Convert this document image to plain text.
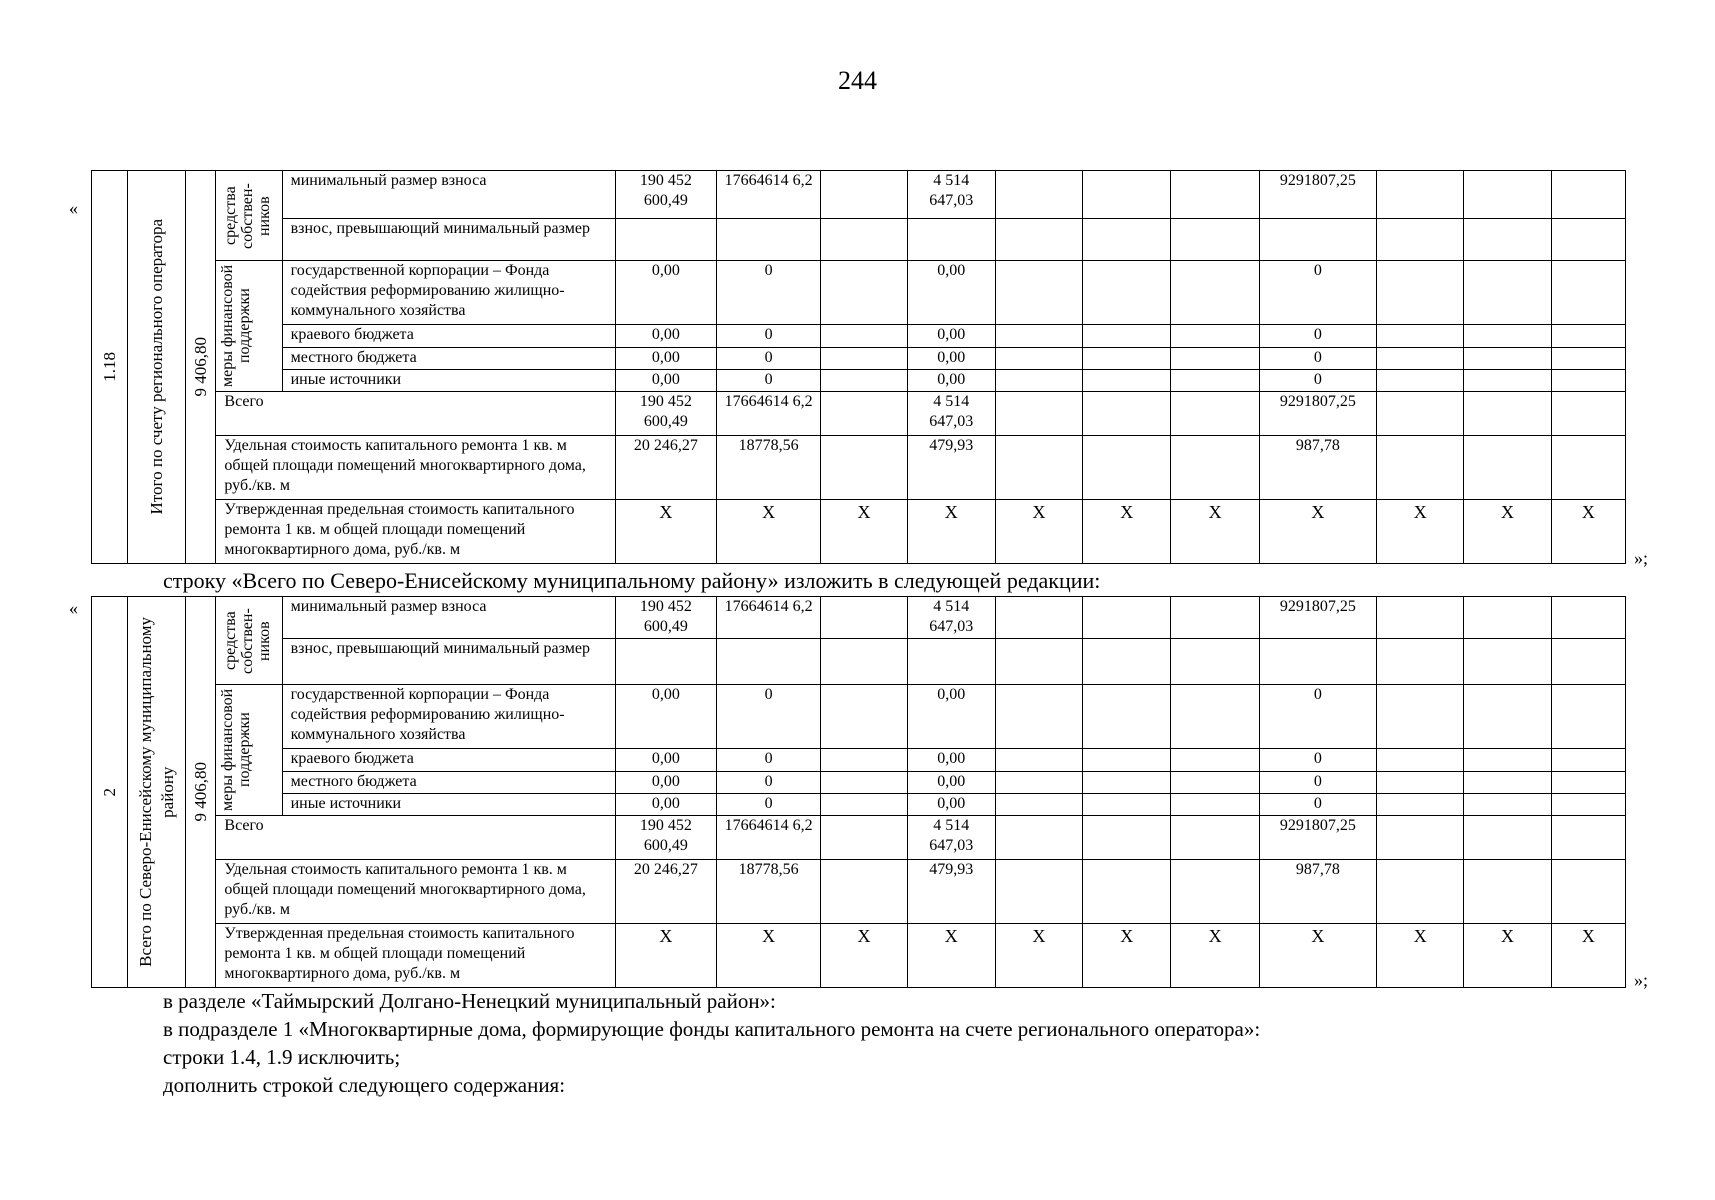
244
«
1.18	Итого по счету регионального оператора	9 406,80	средства собствен-ников	минимальный размер взноса	190 452 600,49	17664614 6,2		4 514 647,03				9291807,25			
				взнос, превышающий минимальный размер											

			меры финансовой поддержки	государственной корпорации – Фонда содействия реформированию жилищно-коммунального хозяйства	0,00	0		0,00				0			
				краевого бюджета	0,00	0		0,00				0			
				местного бюджета	0,00	0		0,00				0			
				иные источники	0,00	0		0,00				0			
			Всего		190 452 600,49	17664614 6,2		4 514 647,03				9291807,25			
			Удельная стоимость капитального ремонта 1 кв. м общей площади помещений многоквартирного дома, руб./кв. м		20 246,27	18778,56		479,93				987,78			
			Утвержденная предельная стоимость капитального ремонта 1 кв. м общей площади помещений многоквартирного дома, руб./кв. м		Х	Х	Х	Х	Х	Х	Х	Х	Х	Х	Х
»;
строку «Всего по Северо-Енисейскому муниципальному району» изложить в следующей редакции:
«
2	Всего по Северо-Енисейскому муниципальному району	9 406,80	средства собствен-ников	минимальный размер взноса	190 452 600,49	17664614 6,2		4 514 647,03				9291807,25			
				взнос, превышающий минимальный размер											

			меры финансовой поддержки	государственной корпорации – Фонда содействия реформированию жилищно-коммунального хозяйства	0,00	0		0,00				0			
				краевого бюджета	0,00	0		0,00				0			
				местного бюджета	0,00	0		0,00				0			
				иные источники	0,00	0		0,00				0			
			Всего		190 452 600,49	17664614 6,2		4 514 647,03				9291807,25			
			Удельная стоимость капитального ремонта 1 кв. м общей площади помещений многоквартирного дома, руб./кв. м		20 246,27	18778,56		479,93				987,78			
			Утвержденная предельная стоимость капитального ремонта 1 кв. м общей площади помещений многоквартирного дома, руб./кв. м		Х	Х	Х	Х	Х	Х	Х	Х	Х	Х	Х
»;
в разделе «Таймырский Долгано-Ненецкий муниципальный район»:
в подразделе 1 «Многоквартирные дома, формирующие фонды капитального ремонта на счете регионального оператора»:
строки 1.4, 1.9 исключить;
дополнить строкой следующего содержания:
